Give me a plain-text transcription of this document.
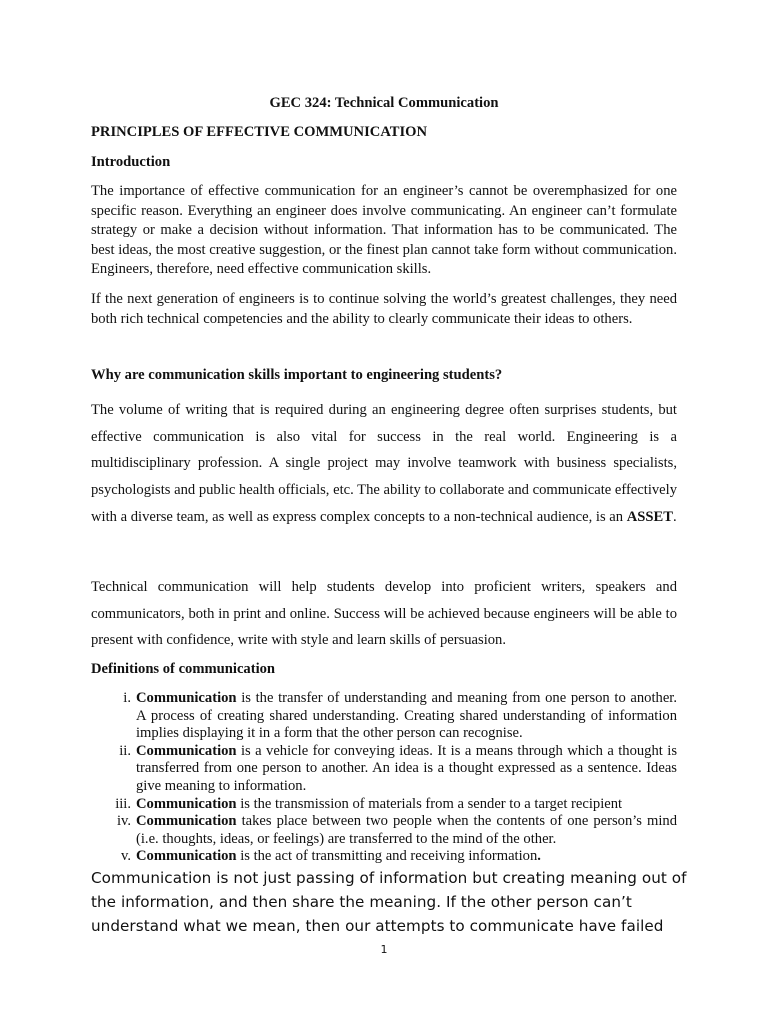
GEC 324: Technical Communication
PRINCIPLES OF EFFECTIVE COMMUNICATION
Introduction

The importance of effective communication for an engineer’s cannot be overemphasized for one specific reason. Everything an engineer does involve communicating. An engineer can’t formulate strategy or make a decision without information. That information has to be communicated. The best ideas, the most creative suggestion, or the finest plan cannot take form without communication. Engineers, therefore, need effective communication skills.

If the next generation of engineers is to continue solving the world’s greatest challenges, they need both rich technical competencies and the ability to clearly communicate their ideas to others.

Why are communication skills important to engineering students?

The volume of writing that is required during an engineering degree often surprises students, but effective communication is also vital for success in the real world. Engineering is a multidisciplinary profession. A single project may involve teamwork with business specialists, psychologists and public health officials, etc. The ability to collaborate and communicate effectively with a diverse team, as well as express complex concepts to a non-technical audience, is an ASSET.

Technical communication will help students develop into proficient writers, speakers and communicators, both in print and online. Success will be achieved because engineers will be able to present with confidence, write with style and learn skills of persuasion.

Definitions of communication
i. Communication is the transfer of understanding and meaning from one person to another. A process of creating shared understanding. Creating shared understanding of information implies displaying it in a form that the other person can recognise.
ii. Communication is a vehicle for conveying ideas. It is a means through which a thought is transferred from one person to another. An idea is a thought expressed as a sentence. Ideas give meaning to information.
iii. Communication is the transmission of materials from a sender to a target recipient
iv. Communication takes place between two people when the contents of one person’s mind (i.e. thoughts, ideas, or feelings) are transferred to the mind of the other.
v. Communication is the act of transmitting and receiving information.
Communication is not just passing of information but creating meaning out of the information, and then share the meaning. If the other person can’t understand what we mean, then our attempts to communicate have failed
1
